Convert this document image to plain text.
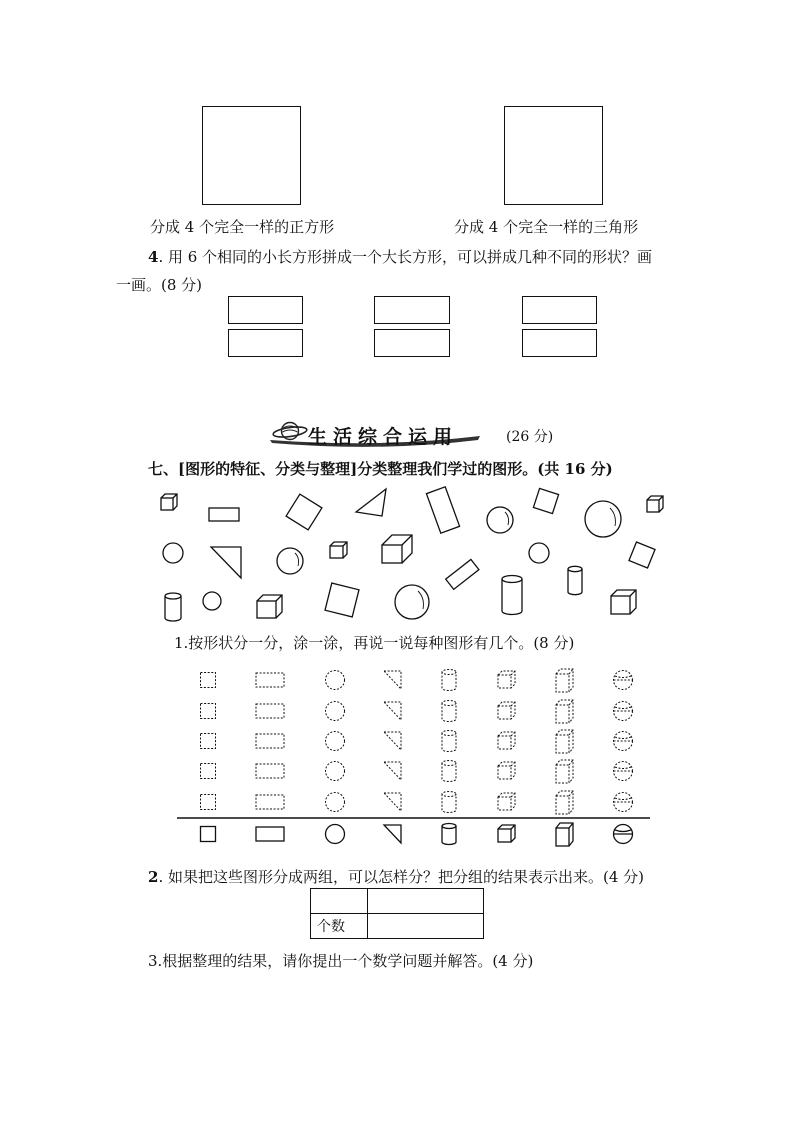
分成 4 个完全一样的正方形	分成 4 个完全一样的三角形
4. 用 6 个相同的小长方形拼成一个大长方形，可以拼成几种不同的形状？画
一画。(8 分)
生活综合运用	(26 分)
七、[图形的特征、分类与整理]分类整理我们学过的图形。(共 16 分)
1.按形状分一分，涂一涂，再说一说每种图形有几个。(8 分)
2. 如果把这些图形分成两组，可以怎样分？把分组的结果表示出来。(4 分)

个数	
3.根据整理的结果，请你提出一个数学问题并解答。(4 分)
